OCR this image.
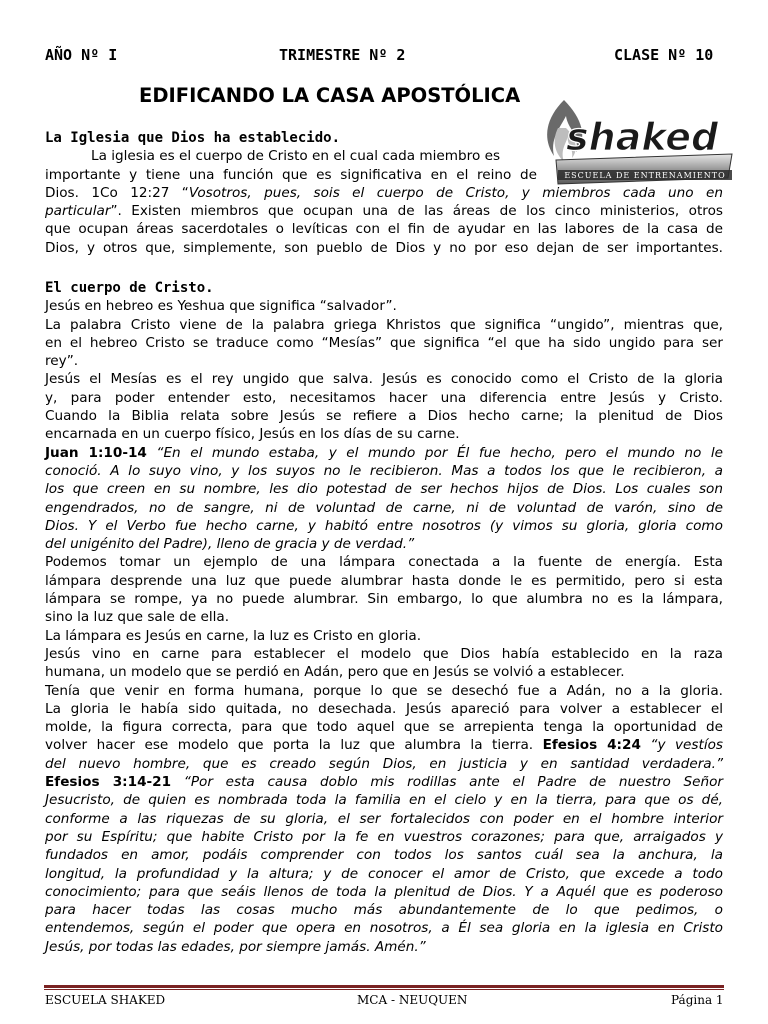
AÑO Nº I	TRIMESTRE Nº 2	CLASE Nº 10
EDIFICANDO LA CASA APOSTÓLICA
shaked
ESCUELA DE ENTRENAMIENTO
La Iglesia que Dios ha establecido.
La iglesia es el cuerpo de Cristo en el cual cada miembro es
importante y tiene una función que es significativa en el reino de
Dios. 1Co 12:27 “Vosotros, pues, sois el cuerpo de Cristo, y miembros cada uno en
particular”. Existen miembros que ocupan una de las áreas de los cinco ministerios, otros
que ocupan áreas sacerdotales o levíticas con el fin de ayudar en las labores de la casa de
Dios, y otros que, simplemente, son pueblo de Dios y no por eso dejan de ser importantes.
El cuerpo de Cristo.
Jesús en hebreo es Yeshua que significa “salvador”.
La palabra Cristo viene de la palabra griega Khristos que significa “ungido”, mientras que,
en el hebreo Cristo se traduce como “Mesías” que significa “el que ha sido ungido para ser
rey”.
Jesús el Mesías es el rey ungido que salva. Jesús es conocido como el Cristo de la gloria
y, para poder entender esto, necesitamos hacer una diferencia entre Jesús y Cristo.
Cuando la Biblia relata sobre Jesús se refiere a Dios hecho carne; la plenitud de Dios
encarnada en un cuerpo físico, Jesús en los días de su carne.
Juan 1:10-14 “En el mundo estaba, y el mundo por Él fue hecho, pero el mundo no le
conoció. A lo suyo vino, y los suyos no le recibieron. Mas a todos los que le recibieron, a
los que creen en su nombre, les dio potestad de ser hechos hijos de Dios. Los cuales son
engendrados, no de sangre, ni de voluntad de carne, ni de voluntad de varón, sino de
Dios. Y el Verbo fue hecho carne, y habitó entre nosotros (y vimos su gloria, gloria como
del unigénito del Padre), lleno de gracia y de verdad.”
Podemos tomar un ejemplo de una lámpara conectada a la fuente de energía. Esta
lámpara desprende una luz que puede alumbrar hasta donde le es permitido, pero si esta
lámpara se rompe, ya no puede alumbrar. Sin embargo, lo que alumbra no es la lámpara,
sino la luz que sale de ella.
La lámpara es Jesús en carne, la luz es Cristo en gloria.
Jesús vino en carne para establecer el modelo que Dios había establecido en la raza
humana, un modelo que se perdió en Adán, pero que en Jesús se volvió a establecer.
Tenía que venir en forma humana, porque lo que se desechó fue a Adán, no a la gloria.
La gloria le había sido quitada, no desechada. Jesús apareció para volver a establecer el
molde, la figura correcta, para que todo aquel que se arrepienta tenga la oportunidad de
volver hacer ese modelo que porta la luz que alumbra la tierra. Efesios 4:24 “y vestíos
del nuevo hombre, que es creado según Dios, en justicia y en santidad verdadera.”
Efesios 3:14-21 “Por esta causa doblo mis rodillas ante el Padre de nuestro Señor
Jesucristo, de quien es nombrada toda la familia en el cielo y en la tierra, para que os dé,
conforme a las riquezas de su gloria, el ser fortalecidos con poder en el hombre interior
por su Espíritu; que habite Cristo por la fe en vuestros corazones; para que, arraigados y
fundados en amor, podáis comprender con todos los santos cuál sea la anchura, la
longitud, la profundidad y la altura; y de conocer el amor de Cristo, que excede a todo
conocimiento; para que seáis llenos de toda la plenitud de Dios. Y a Aquél que es poderoso
para hacer todas las cosas mucho más abundantemente de lo que pedimos, o
entendemos, según el poder que opera en nosotros, a Él sea gloria en la iglesia en Cristo
Jesús, por todas las edades, por siempre jamás. Amén.”
ESCUELA SHAKED	MCA - NEUQUEN	Página 1
